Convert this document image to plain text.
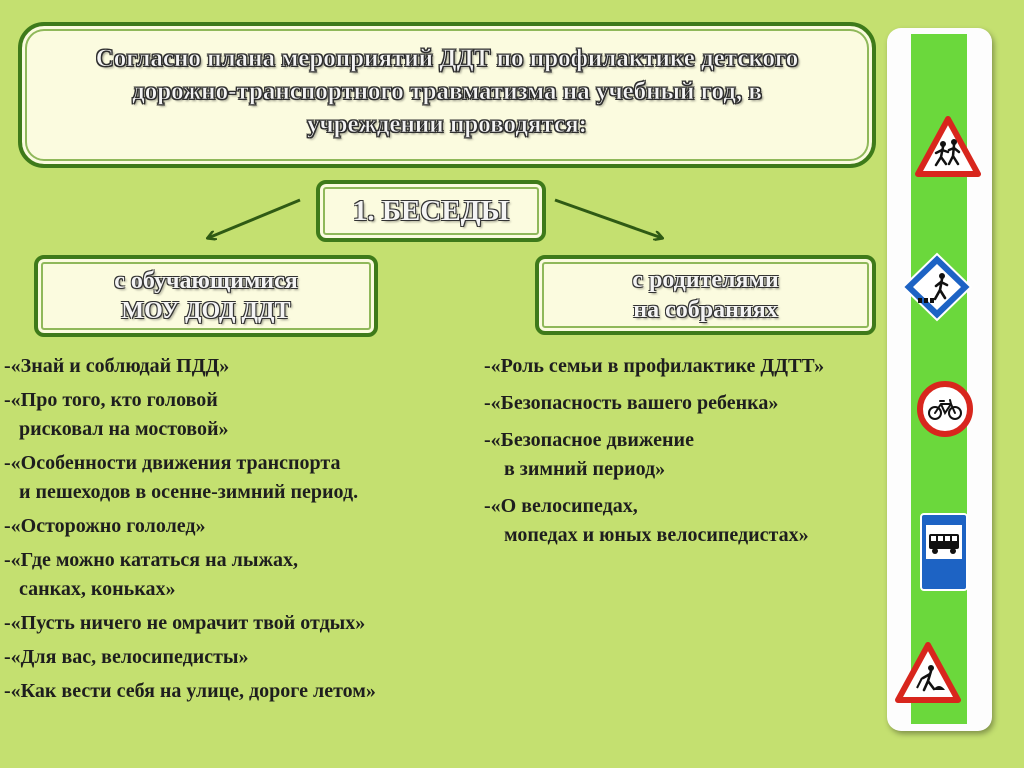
Согласно плана мероприятий ДДТ по профилактике детского
дорожно-транспортного травматизма на учебный год, в
учреждении проводятся:
1. БЕСЕДЫ
с обучающимися
МОУ ДОД ДДТ
с родителями
на собраниях
-«Знай и соблюдай ПДД»
-«Про того, кто головой
рисковал на мостовой»
-«Особенности движения транспорта
и пешеходов в осенне-зимний период.
-«Осторожно гололед»
-«Где можно кататься на лыжах,
санках, коньках»
-«Пусть ничего не омрачит твой отдых»
-«Для вас, велосипедисты»
-«Как вести себя на улице, дороге летом»
-«Роль семьи в профилактике ДДТТ»
-«Безопасность вашего ребенка»
-«Безопасное движение
в зимний период»
-«О велосипедах,
мопедах и юных велосипедистах»
